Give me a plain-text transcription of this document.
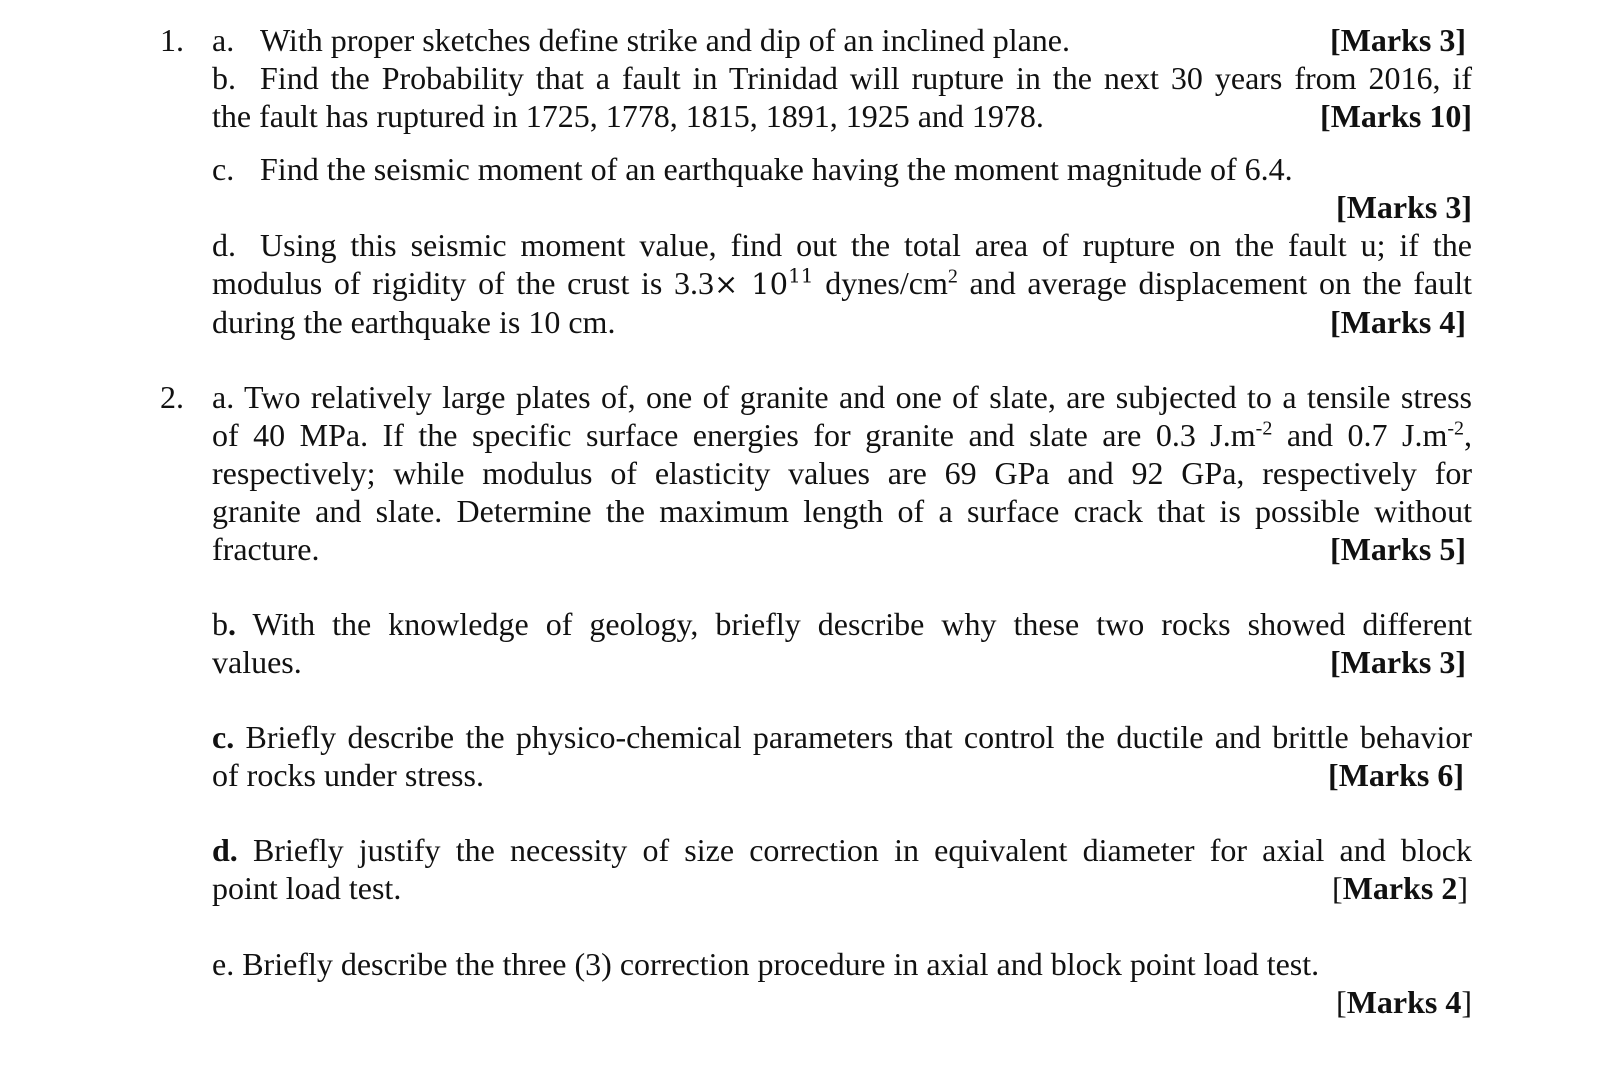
1. a. With proper sketches define strike and dip of an inclined plane.	[Marks 3]
b. Find the Probability that a fault in Trinidad will rupture in the next 30 years from 2016, if
the fault has ruptured in 1725, 1778, 1815, 1891, 1925 and 1978.	[Marks 10]
c. Find the seismic moment of an earthquake having the moment magnitude of 6.4.
[Marks 3]
d. Using this seismic moment value, find out the total area of rupture on the fault u; if the
modulus of rigidity of the crust is $3.3\times 10^{11}$ dynes/$cm^2$ and average displacement on the fault
during the earthquake is 10 cm.	[Marks 4]
2. a. Two relatively large plates of, one of granite and one of slate, are subjected to a tensile stress
of 40 MPa. If the specific surface energies for granite and slate are 0.3 $J.m^{-2}$ and 0.7 $J.m^{-2}$,
respectively; while modulus of elasticity values are 69 GPa and 92 GPa, respectively for
granite and slate. Determine the maximum length of a surface crack that is possible without
fracture.	[Marks 5]
b. With the knowledge of geology, briefly describe why these two rocks showed different
values.	[Marks 3]
c. Briefly describe the physico-chemical parameters that control the ductile and brittle behavior
of rocks under stress.	[Marks 6]
d. Briefly justify the necessity of size correction in equivalent diameter for axial and block
point load test.	[Marks 2]
e. Briefly describe the three (3) correction procedure in axial and block point load test.
[Marks 4]
